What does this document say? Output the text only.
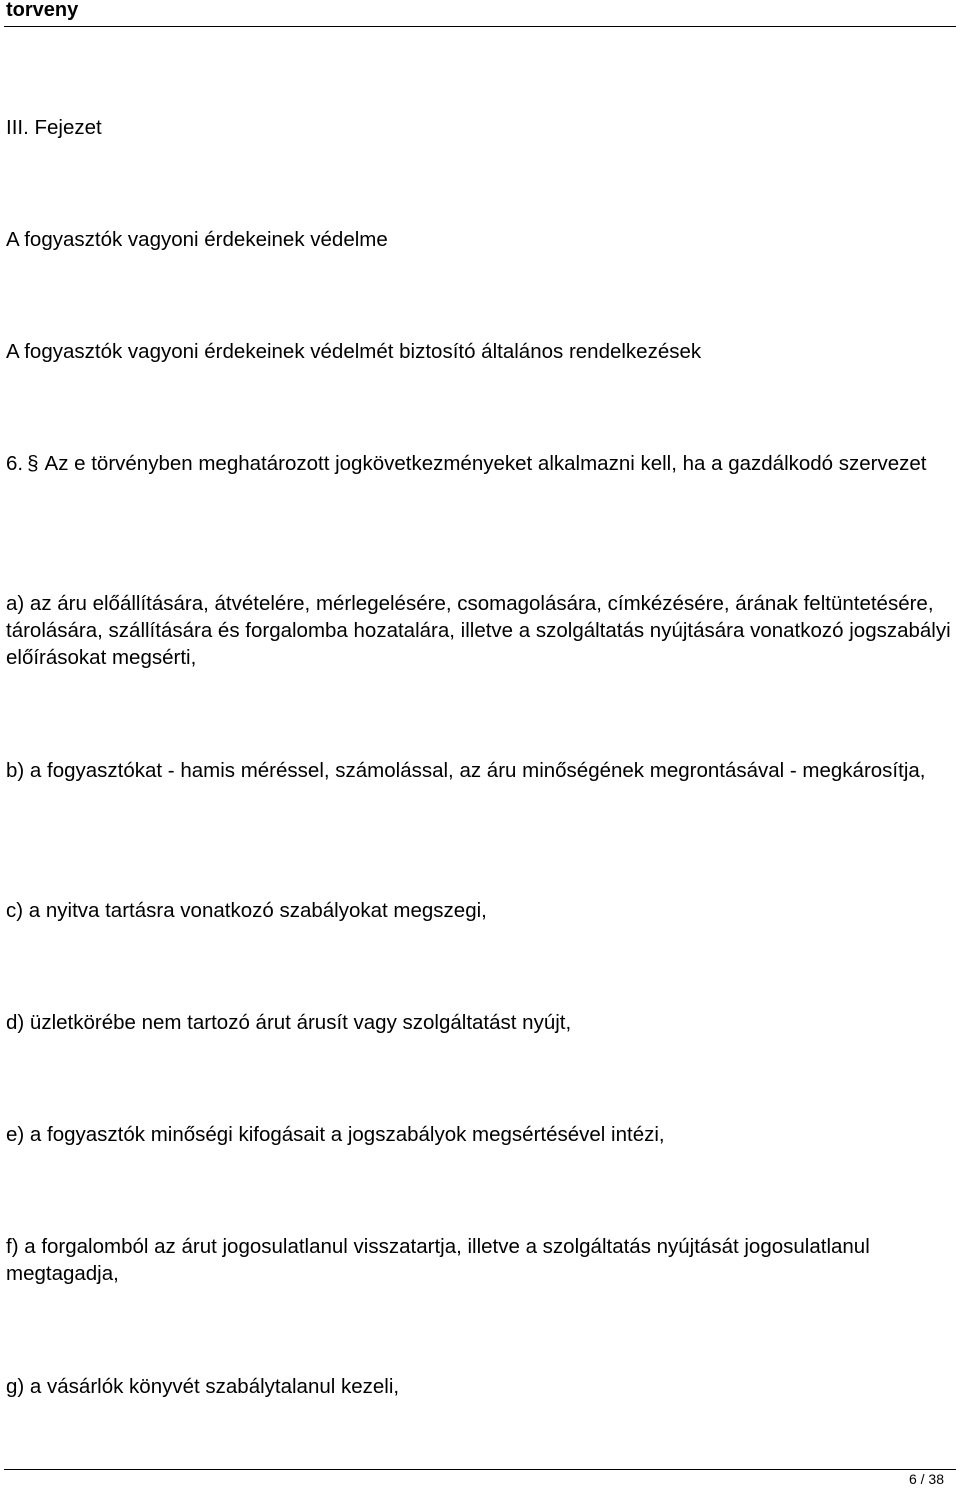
torveny

III. Fejezet

A fogyasztók vagyoni érdekeinek védelme

A fogyasztók vagyoni érdekeinek védelmét biztosító általános rendelkezések

6. § Az e törvényben meghatározott jogkövetkezményeket alkalmazni kell, ha a gazdálkodó szervezet

a) az áru előállítására, átvételére, mérlegelésére, csomagolására, címkézésére, árának feltüntetésére, tárolására, szállítására és forgalomba hozatalára, illetve a szolgáltatás nyújtására vonatkozó jogszabályi előírásokat megsérti,

b) a fogyasztókat - hamis méréssel, számolással, az áru minőségének megrontásával - megkárosítja,

c) a nyitva tartásra vonatkozó szabályokat megszegi,

d) üzletkörébe nem tartozó árut árusít vagy szolgáltatást nyújt,

e) a fogyasztók minőségi kifogásait a jogszabályok megsértésével intézi,

f) a forgalomból az árut jogosulatlanul visszatartja, illetve a szolgáltatás nyújtását jogosulatlanul megtagadja,

g) a vásárlók könyvét szabálytalanul kezeli,

6 / 38
